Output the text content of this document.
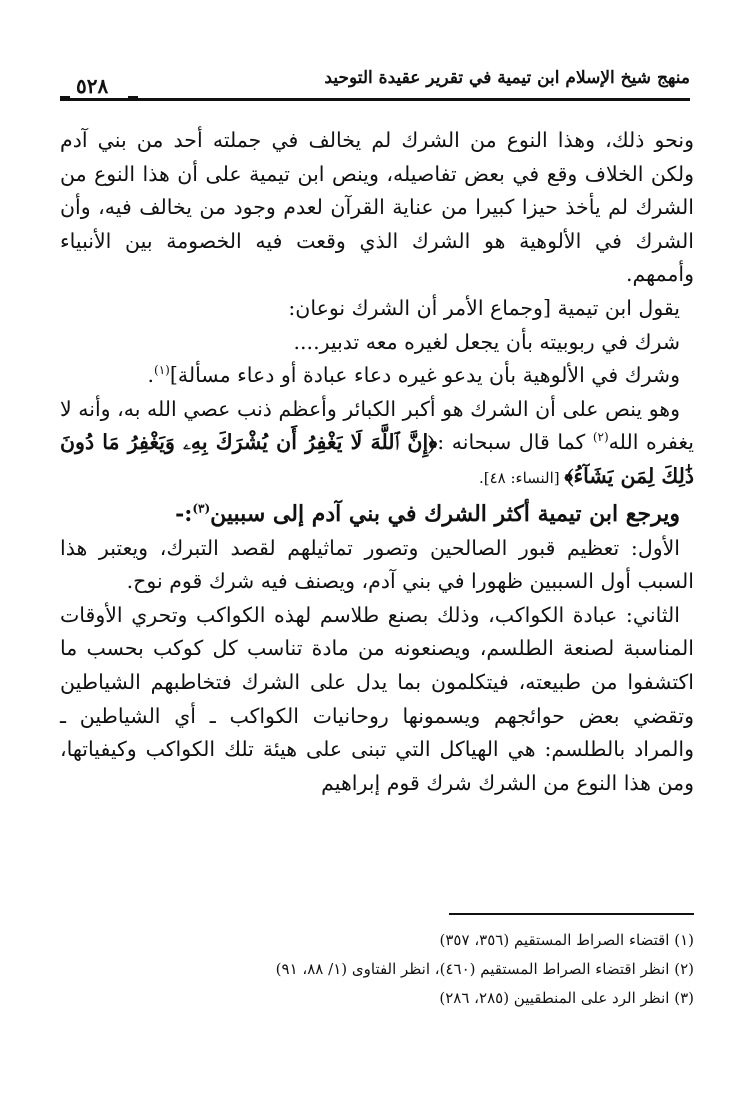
منهج شيخ الإسلام ابن تيمية في تقرير عقيدة التوحيد
٥٢٨

ونحو ذلك، وهذا النوع من الشرك لم يخالف في جملته أحد من بني آدم ولكن الخلاف وقع في بعض تفاصيله، وينص ابن تيمية على أن هذا النوع من الشرك لم يأخذ حيزا كبيرا من عناية القرآن لعدم وجود من يخالف فيه، وأن الشرك في الألوهية هو الشرك الذي وقعت فيه الخصومة بين الأنبياء وأممهم.

يقول ابن تيمية [وجماع الأمر أن الشرك نوعان:

شرك في ربوبيته بأن يجعل لغيره معه تدبير....

وشرك في الألوهية بأن يدعو غيره دعاء عبادة أو دعاء مسألة]$^{(١)}$.

وهو ينص على أن الشرك هو أكبر الكبائر وأعظم ذنب عصي الله به، وأنه لا يغفره الله$^{(٢)}$ كما قال سبحانه :﴿إِنَّ ٱللَّهَ لَا يَغْفِرُ أَن يُشْرَكَ بِهِۦ وَيَغْفِرُ مَا دُونَ ذَٰلِكَ لِمَن يَشَآءُ﴾ [النساء: ٤٨].

ويرجع ابن تيمية أكثر الشرك في بني آدم إلى سببين$^{(٣)}$:-

الأول: تعظيم قبور الصالحين وتصور تماثيلهم لقصد التبرك، ويعتبر هذا السبب أول السببين ظهورا في بني آدم، ويصنف فيه شرك قوم نوح.

الثاني: عبادة الكواكب، وذلك بصنع طلاسم لهذه الكواكب وتحري الأوقات المناسبة لصنعة الطلسم، ويصنعونه من مادة تناسب كل كوكب بحسب ما اكتشفوا من طبيعته، فيتكلمون بما يدل على الشرك فتخاطبهم الشياطين وتقضي بعض حوائجهم ويسمونها روحانيات الكواكب ـ أي الشياطين ـ والمراد بالطلسم: هي الهياكل التي تبنى على هيئة تلك الكواكب وكيفياتها، ومن هذا النوع من الشرك شرك قوم إبراهيم

(١) اقتضاء الصراط المستقيم (٣٥٦، ٣٥٧)
(٢) انظر اقتضاء الصراط المستقيم (٤٦٠)، انظر الفتاوى (١/ ٨٨، ٩١)
(٣) انظر الرد على المنطقيين (٢٨٥، ٢٨٦)
